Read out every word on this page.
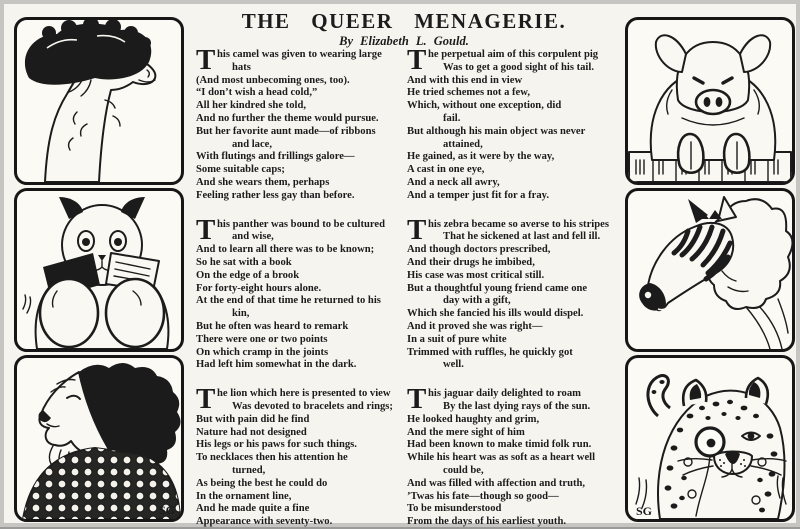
SG	SG
THE QUEER MENAGERIE.
By Elizabeth L. Gould.
T his camel was given to wearing large
hats
(And most unbecoming ones, too).
“I don’t wish a head cold,”
All her kindred she told,
And no further the theme would pursue.
But her favorite aunt made—of ribbons
and lace,
With flutings and frillings galore—
Some suitable caps;
And she wears them, perhaps
Feeling rather less gay than before.
T his panther was bound to be cultured
and wise,
And to learn all there was to be known;
So he sat with a book
On the edge of a brook
For forty-eight hours alone.
At the end of that time he returned to his
kin,
But he often was heard to remark
There were one or two points
On which cramp in the joints
Had left him somewhat in the dark.
T he lion which here is presented to view
Was devoted to bracelets and rings;
But with pain did he find
Nature had not designed
His legs or his paws for such things.
To necklaces then his attention he
turned,
As being the best he could do
In the ornament line,
And he made quite a fine
Appearance with seventy-two.
T he perpetual aim of this corpulent pig
Was to get a good sight of his tail.
And with this end in view
He tried schemes not a few,
Which, without one exception, did
fail.
But although his main object was never
attained,
He gained, as it were by the way,
A cast in one eye,
And a neck all awry,
And a temper just fit for a fray.
T his zebra became so averse to his stripes
That he sickened at last and fell ill.
And though doctors prescribed,
And their drugs he imbibed,
His case was most critical still.
But a thoughtful young friend came one
day with a gift,
Which she fancied his ills would dispel.
And it proved she was right—
In a suit of pure white
Trimmed with ruffles, he quickly got
well.
T his jaguar daily delighted to roam
By the last dying rays of the sun.
He looked haughty and grim,
And the mere sight of him
Had been known to make timid folk run.
While his heart was as soft as a heart well
could be,
And was filled with affection and truth,
’Twas his fate—though so good—
To be misunderstood
From the days of his earliest youth.
